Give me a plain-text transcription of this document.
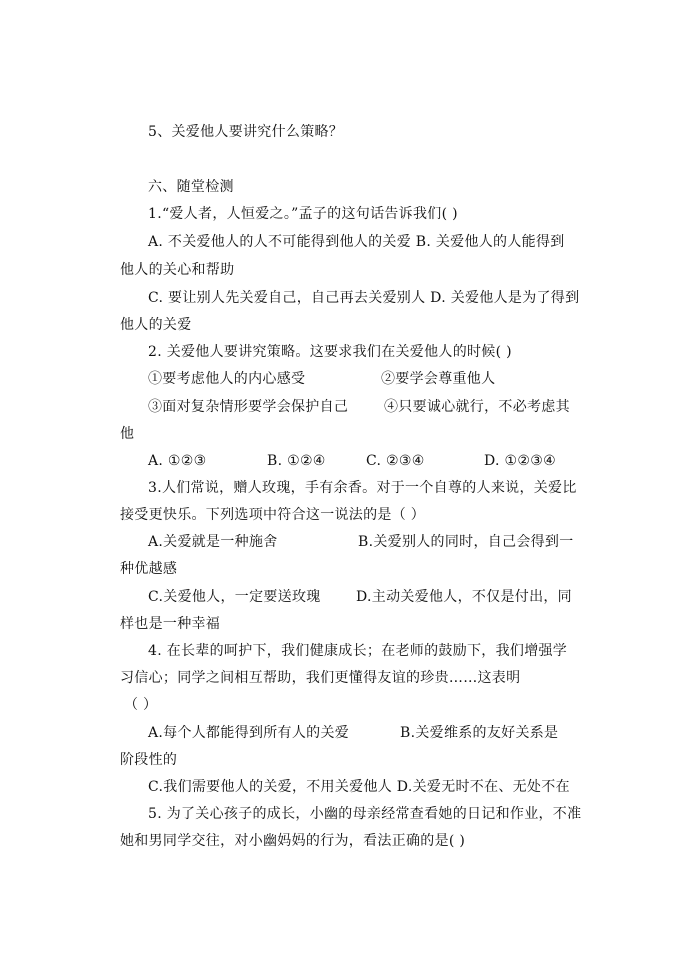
5、关爱他人要讲究什么策略？
六、随堂检测
1.“爱人者，人恒爱之。”孟子的这句话告诉我们( )
A. 不关爱他人的人不可能得到他人的关爱 B. 关爱他人的人能得到
他人的关心和帮助
C. 要让别人先关爱自己，自己再去关爱别人 D. 关爱他人是为了得到
他人的关爱
2. 关爱他人要讲究策略。这要求我们在关爱他人的时候( )
①要考虑他人的内心感受	②要学会尊重他人
③面对复杂情形要学会保护自己	④只要诚心就行，不必考虑其
他
A. ①②③	B. ①②④	C. ②③④	D. ①②③④
3.人们常说，赠人玫瑰，手有余香。对于一个自尊的人来说，关爱比
接受更快乐。下列选项中符合这一说法的是（ ）
A.关爱就是一种施舍	B.关爱别人的同时，自己会得到一
种优越感
C.关爱他人，一定要送玫瑰	D.主动关爱他人，不仅是付出，同
样也是一种幸福
4. 在长辈的呵护下，我们健康成长；在老师的鼓励下，我们增强学
习信心；同学之间相互帮助，我们更懂得友谊的珍贵……这表明
（ ）
A.每个人都能得到所有人的关爱	B.关爱维系的友好关系是
阶段性的
C.我们需要他人的关爱，不用关爱他人 D.关爱无时不在、无处不在
5. 为了关心孩子的成长，小幽的母亲经常查看她的日记和作业，不准
她和男同学交往，对小幽妈妈的行为，看法正确的是( )
